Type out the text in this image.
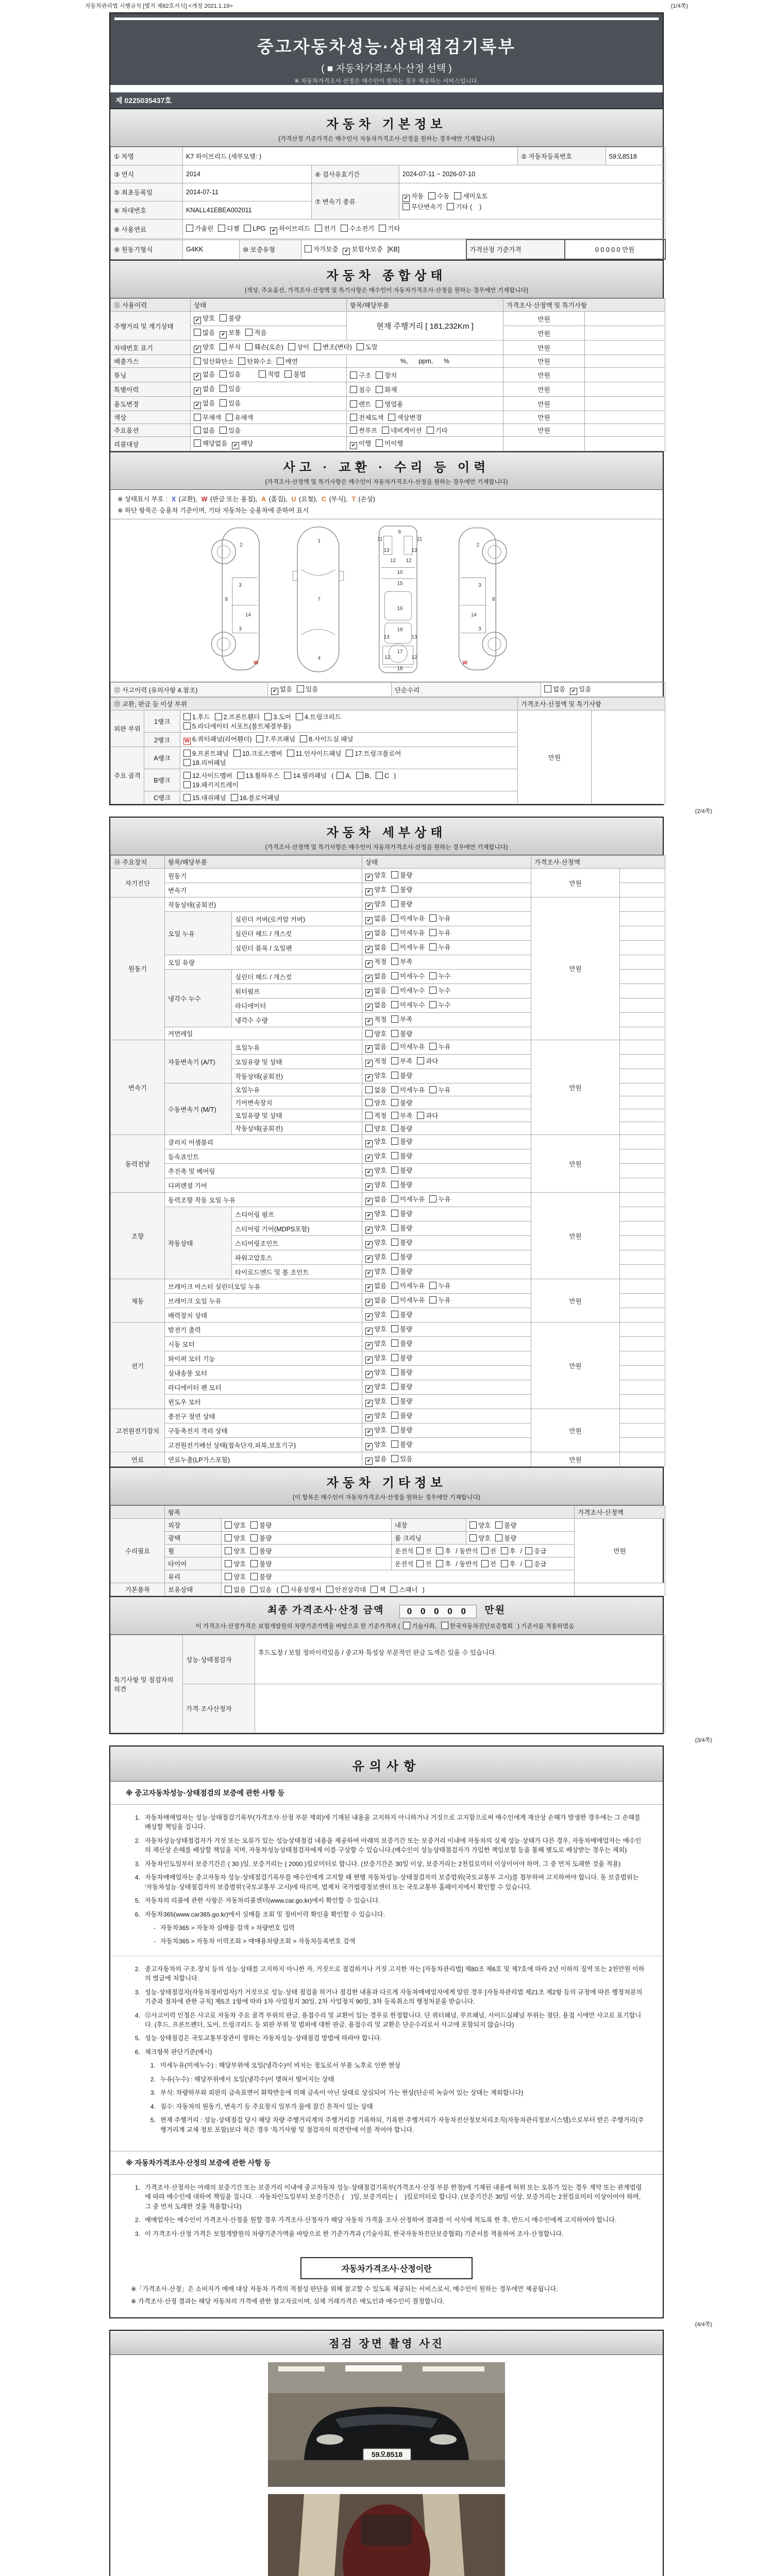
자동차관리법 시행규칙 [별지 제82호서식] <개정 2021.1.19>	(1/4쪽)
중고자동차성능·상태점검기록부
( ■ 자동차가격조사·산정 선택 )
※ 자동차가격조사·산정은 매수인이 원하는 경우 제공하는 서비스입니다.
제 0225035437호
자동차 기본정보
(가격산정 기준가격은 매수인이 자동차가격조사·산정을 원하는 경우에만 기재합니다)
① 차명	K7 하이브리드 (세부모델: )			② 자동차등록번호	59오8518
③ 연식	2014	④ 검사유효기간	2024-07-11 ~ 2026-07-10		
⑤ 최초등록일	2014-07-11	⑦ 변속기 종류	✔ 자동 수동 세미오토
무단변속기 기타 (    )		
⑥ 차대번호	KNALL41EBEA002011				
⑧ 사용연료	가솔린 디젤 LPG ✔ 하이브리드 전기 수소전기 기타				
⑨ 원동기형식	G4KK	⑩ 보증유형	자가보증 ✔ 보험사보증 [KB]	가격산정 기준가격	0 0 0 0 0 만원
자동차 종합상태
(색상, 주요옵션, 가격조사·산정액 및 특기사항은 매수인이 자동차가격조사·산정을 원하는 경우에만 기재합니다)
⑪ 사용이력	상태	항목/해당부품	가격조사·산정액 및 특기사항	
주행거리 및 계기상태	✔ 양호 불량	현재 주행거리 [ 181,232Km ]	만원	
	많음 ✔ 보통 적음		만원	
차대번호 표기	✔ 양호 부식 훼손(오손) 상이 변조(변타) 도말		만원	
배출가스	일산화탄소 탄화수소 매연	%,      ppm,      %	만원	
튜닝	✔ 없음 있음 적법 불법	구조 장치	만원	
특별이력	✔ 없음 있음	침수 화재	만원	
용도변경	✔ 없음 있음	렌트 영업용	만원	
색상	무채색 유채색	전체도색 색상변경	만원	
주요옵션	없음 있음	썬루프 네비게이션 기타	만원	
리콜대상	해당없음 ✔ 해당	✔ 이행 미이행		
사고 · 교환 · 수리 등 이력
(가격조사·산정액 및 특기사항은 매수인이 자동차가격조사·산정을 원하는 경우에만 기재합니다)
※ 상태표시 부호 : X (교환), W (판금 또는 용접), A (흠집), U (요철), C (부식), T (손상)
※ 하단 항목은 승용차 기준이며, 기타 자동차는 승용차에 준하여 표시
2
8
3
14
3
W
1
7
4
9
11	11
13	13
12 12
10
15
16
19
13	13
17
12	12
18
2
8
3
14
3
W
⑫ 사고이력 (유의사항 4.참조)	✔ 없음 있음	단순수리	없음 ✔ 있음
⑬ 교환, 판금 등 이상 부위			가격조사·산정액 및 특기사항	
외판 부위	1랭크	1.후드 2.프론트휀더 3.도어 4.트렁크리드
5.라디에이터 서포트(볼트체결부품)	만원	
	2랭크	W 6.쿼터패널(리어휀더) 7.루프패널 8.사이드실 패널		
주요 골격	A랭크	9.프론트패널 10.크로스멤버 11.인사이드패널 17.트렁크플로어
18.리어패널		
	B랭크	12.사이드멤버 13.휠하우스 14.필러패널 ( A, B, C )
19.패키지트레이		
	C랭크	15.대쉬패널 16.플로어패널		
(2/4쪽)
자동차 세부상태
(가격조사·산정액 및 특기사항은 매수인이 자동차가격조사·산정을 원하는 경우에만 기재합니다)
⑭ 주요장치	항목/해당부품		상태	가격조사·산정액	
자기진단	원동기		✔ 양호 불량	만원	
	변속기		✔ 양호 불량		
원동기	작동상태(공회전)		✔ 양호 불량	만원	
	오일 누유	실린더 커버(로커암 커버)	✔ 없음 미세누유 누유		
		실린더 헤드 / 개스킷	✔ 없음 미세누유 누유		
		실린더 블록 / 오일팬	✔ 없음 미세누유 누유		
	오일 유량		✔ 적정 부족		
	냉각수 누수	실린더 헤드 / 개스킷	✔ 없음 미세누수 누수		
		워터펌프	✔ 없음 미세누수 누수		
		라디에이터	✔ 없음 미세누수 누수		
		냉각수 수량	✔ 적정 부족		
	커먼레일		양호 불량		
변속기	자동변속기 (A/T)	오일누유	✔ 없음 미세누유 누유	만원	
		오일유량 및 상태	✔ 적정 부족 과다		
		작동상태(공회전)	✔ 양호 불량		
	수동변속기 (M/T)	오일누유	없음 미세누유 누유		
		기어변속장치	양호 불량		
		오일유량 및 상태	적정 부족 과다		
		작동상태(공회전)	양호 불량		
동력전달	클러치 어셈블리		✔ 양호 불량	만원	
	등속죠인트		✔ 양호 불량		
	추진축 및 베어링		✔ 양호 불량		
	디퍼렌셜 기어		✔ 양호 불량		
조향	동력조향 작동 오일 누유		✔ 없음 미세누유 누유	만원	
	작동상태	스티어링 펌프	✔ 양호 불량		
		스티어링 기어(MDPS포함)	✔ 양호 불량		
		스티어링조인트	✔ 양호 불량		
		파워고압호스	✔ 양호 불량		
		타이로드엔드 및 볼 조인트	✔ 양호 불량		
제동	브레이크 마스터 실린더오일 누유		✔ 없음 미세누유 누유	만원	
	브레이크 오일 누유		✔ 없음 미세누유 누유		
	배력장치 상태		✔ 양호 불량		
전기	발전기 출력		✔ 양호 불량	만원	
	시동 모터		✔ 양호 불량		
	와이퍼 모터 기능		✔ 양호 불량		
	실내송풍 모터		✔ 양호 불량		
	라디에이터 팬 모터		✔ 양호 불량		
	윈도우 모터		✔ 양호 불량		
고전원전기장치	충전구 절연 상태		✔ 양호 불량	만원	
	구동축전지 격리 상태		✔ 양호 불량		
	고전원전기배선 상태(접속단자,피복,보호기구)		✔ 양호 불량		
연료	연료누출(LP가스포함)		✔ 없음 있음	만원	
자동차 기타정보
(이 항목은 매수인이 자동차가격조사·산정을 원하는 경우에만 기재합니다)
	항목				가격조사·산정액
수리필요	외장	양호 불량	내장	양호 불량	만원
	광택	양호 불량	룸 크리닝	양호 불량	
	휠	양호 불량	운전석 전 후 / 동반석 전 후 / 응급		
	타이어	양호 불량	운전석 전 후 / 동반석 전 후 / 응급		
	유리	양호 불량			
기본품목	보유상태	없음 있음 ( 사용설명서 안전삼각대 잭 스패너 )			
최종 가격조사·산정 금액	0 0 0 0 0 만원
이 가격조사·산정가격은 보험개발원의 차량기준가액을 바탕으로 한 기준가격과 ( 기술사회, 한국자동차진단보증협회 ) 기준서를 적용하였음
특기사항 및 점검자의 의견	성능·상태점검자	후드도장 / 보험 정비이력있음 / 중고차 특성상 부분적인 판금 도색은 있을 수 있습니다.
	가격·조사산정자	
(3/4쪽)
유의사항
※ 중고자동차성능·상태점검의 보증에 관한 사항 등
1. 자동차매매업자는 성능·상태점검기록부(가격조사·산정 부분 제외)에 기재된 내용을 고지하지 아니하거나 거짓으로 고지함으로써 매수인에게 재산상 손해가 발생한 경우에는 그 손해를 배상할 책임을 집니다.
2. 자동차성능상태점검자가 거짓 또는 오류가 있는 성능상태점검 내용을 제공하여 아래의 보증기간 또는 보증거리 이내에 자동차의 실제 성능·상태가 다른 경우, 자동차매매업자는 매수인의 재산상 손해를 배상할 책임을 지며, 자동차성능상태점검자에게 이를 구상할 수 있습니다.(매수인이 성능상태점검자가 가입한 책임보험 등을 통해 별도로 배상받는 경우는 제외)
3. 자동차인도일부터 보증기간은 ( 30 )일, 보증거리는 ( 2000 )킬로미터로 합니다. (보증기간은 30일 이상, 보증거리는 2천킬로미터 이상이어야 하며, 그 중 먼저 도래한 것을 적용)
4. 자동차매매업자는 중고자동차 성능·상태점검기록부를 매수인에게 고지할 때 현행 자동차성능·상태점검자의 보증범위(국토교통부 고시)를 첨부하여 고지하여야 합니다. 동 보증범위는 '자동차성능·상태점검자의 보증범위'(국토교통부 고시)에 따르며, 법제처 국가법령정보센터 또는 국토교통부 홈페이지에서 확인할 수 있습니다.
5. 자동차의 리콜에 관한 사항은 자동차리콜센터(www.car.go.kr)에서 확인할 수 있습니다.
6. 자동차365(www.car365.go.kr)에서 실매물 조회 및 정비이력 확인을 확인할 수 있습니다.
- 자동차365 > 자동차 실매물 검색 > 차량번호 입력
- 자동차365 > 자동차 이력조회 > 매매용차량조회 > 자동차등록번호 검색
2. 중고자동차의 구조·장치 등의 성능·상태를 고지하지 아니한 자, 거짓으로 점검하거나 거짓 고지한 자는 [자동차관리법] 제80조 제6호 및 제7호에 따라 2년 이하의 징역 또는 2천만원 이하의 벌금에 처합니다.
3. 성능·상태점검자(자동차정비업자)가 거짓으로 성능·상태 점검을 하거나 점검한 내용과 다르게 자동차매매업자에게 알린 경우 [자동차관리법 제21조 제2항 등의 규정에 따른 행정처분의 기준과 절차에 관한 규칙] 제5조 1항에 따라 1차 사업정지 30일, 2차 사업정지 90일, 3차 등록취소의 행정처분을 받습니다.
4. ⑫사고이력 인정은 사고로 자동차 주요 골격 부위의 판금, 용접수리 및 교환이 있는 경우로 한정합니다. 단 쿼터패널, 루프패널, 사이드실패널 부위는 절단, 용접 시에만 사고로 표기합니다. (후드, 프론트펜더, 도어, 트렁크리드 등 외판 부위 및 범퍼에 대한 판금, 용접수리 및 교환은 단순수리로서 사고에 포함되지 않습니다)
5. 성능·상태점검은 국토교통부장관이 정하는 자동차성능·상태점검 방법에 따라야 합니다.
6. 체크항목 판단기준(예시)
1. 미세누유(미세누수) : 해당부위에 오일(냉각수)이 비치는 정도로서 부품 노후로 인한 현상
2. 누유(누수) : 해당부위에서 오일(냉각수)이 맺혀서 떨어지는 상태
3. 부식: 차량하부와 외판의 금속표면이 화학반응에 의해 금속이 아닌 상태로 상실되어 가는 현상(단순히 녹슬어 있는 상태는 제외합니다)
4. 침수: 자동차의 원동기, 변속기 등 주요장치 일부가 물에 잠긴 흔적이 있는 상태
5. 현재 주행거리 : 성능·상태점검 당시 해당 차량 주행거리계의 주행거리를 기록하되, 기록한 주행거리가 자동차전산정보처리조직(자동차관리정보시스템)으로부터 받은 주행거리(주행거리계 교체 정보 포함)보다 적은 경우 '특기사항 및 점검자의 의견'란에 이를 적어야 합니다.
※ 자동차가격조사·산정의 보증에 관한 사항 등
1. 가격조사·산정자는 아래의 보증기간 또는 보증거리 이내에 중고자동차 성능·상태점검기록부(가격조사·산정 부분 한정)에 기재된 내용에 허위 또는 오류가 있는 경우 계약 또는 관계법령에 따라 매수인에 대하여 책임을 집니다. · 자동차인도일부터 보증기간은 (    )일, 보증거리는 (    )킬로미터로 합니다. (보증기간은 30일 이상, 보증거리는 2천킬로미터 이상이어야 하며, 그 중 먼저 도래한 것을 적용합니다)
2. 매매업자는 매수인이 가격조사·산정을 원할 경우 가격조사·산정자가 해당 자동차 가격을 조사·산정하여 결과를 이 서식에 적도록 한 후, 반드시 매수인에게 고지하여야 합니다.
3. 이 가격조사·산정 가격은 보험개발원의 차량기준가액을 바탕으로 한 기준가격과 (기술사회, 한국자동차진단보증협회) 기준서를 적용하여 조사·산정합니다.
자동차가격조사·산정이란
※「가격조사·산정」은 소비자가 매매 대상 자동차 가격의 적절성 판단을 위해 참고할 수 있도록 제공되는 서비스로서, 매수인이 원하는 경우에만 제공됩니다.
※ 가격조사·산정 결과는 해당 자동차의 가격에 관한 참고자료이며, 실제 거래가격은 매도인과 매수인이 결정합니다.
(4/4쪽)
점검 장면 촬영 사진
59오8518
